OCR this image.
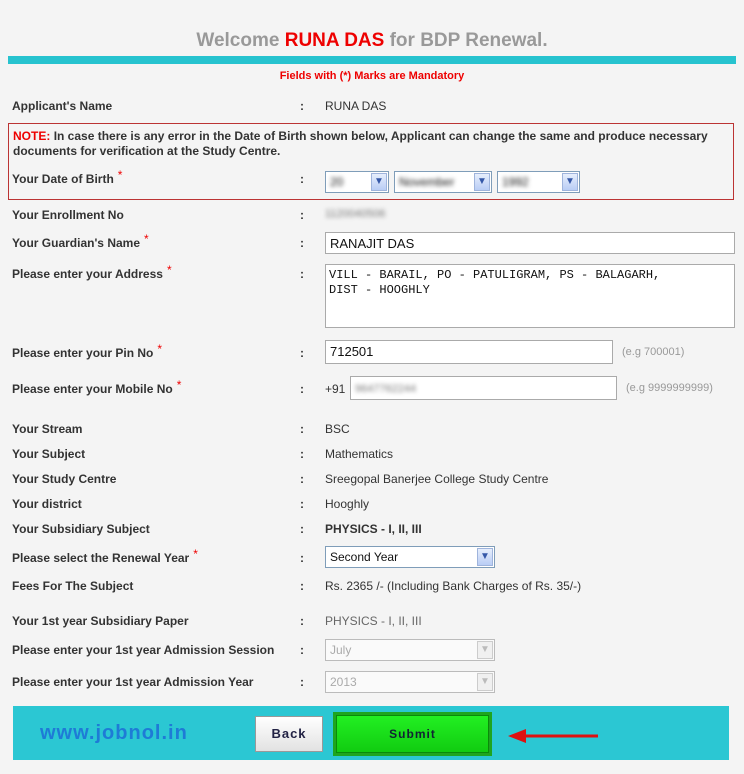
Welcome RUNA DAS for BDP Renewal.
Fields with (*) Marks are Mandatory
Applicant's Name	: RUNA DAS
NOTE: In case there is any error in the Date of Birth shown below, Applicant can change the same and produce necessary documents for verification at the Study Centre.
Your Date of Birth *	: 20	▼ November	▼ 1992	▼
Your Enrollment No	: 1120040506
Your Guardian's Name *	:	RANAJIT DAS
Please enter your Address *	:	VILL - BARAIL, PO - PATULIGRAM, PS - BALAGARH,
DIST - HOOGHLY
Please enter your Pin No *	:	712501	(e.g 700001)
Please enter your Mobile No *	: +91 9647762244	(e.g 9999999999)
Your Stream	: BSC
Your Subject	: Mathematics
Your Study Centre	: Sreegopal Banerjee College Study Centre
Your district	: Hooghly
Your Subsidiary Subject	: PHYSICS - I, II, III
Please select the Renewal Year *	: Second Year	▼
Fees For The Subject	: Rs. 2365 /- (Including Bank Charges of Rs. 35/-)
Your 1st year Subsidiary Paper	: PHYSICS - I, II, III
Please enter your 1st year Admission Session : July	▼
Please enter your 1st year Admission Year	: 2013	▼
www.jobnol.in	Back	Submit
